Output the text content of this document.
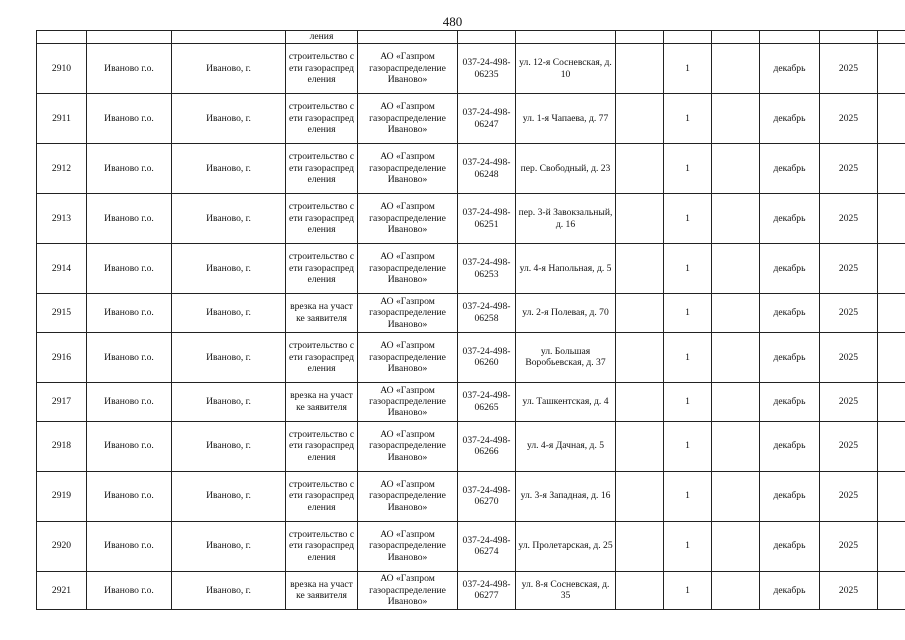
480
			ления									
2910	Иваново г.о.	Иваново, г.	строительство сети газораспределения	АО «Газпром газораспределение Иваново»	037-24-498-06235	ул. 12-я Сосневская, д. 10		1		декабрь	2025	
2911	Иваново г.о.	Иваново, г.	строительство сети газораспределения	АО «Газпром газораспределение Иваново»	037-24-498-06247	ул. 1-я Чапаева, д. 77		1		декабрь	2025	
2912	Иваново г.о.	Иваново, г.	строительство сети газораспределения	АО «Газпром газораспределение Иваново»	037-24-498-06248	пер. Свободный, д. 23		1		декабрь	2025	
2913	Иваново г.о.	Иваново, г.	строительство сети газораспределения	АО «Газпром газораспределение Иваново»	037-24-498-06251	пер. 3-й Завокзальный, д. 16		1		декабрь	2025	
2914	Иваново г.о.	Иваново, г.	строительство сети газораспределения	АО «Газпром газораспределение Иваново»	037-24-498-06253	ул. 4-я Напольная, д. 5		1		декабрь	2025	
2915	Иваново г.о.	Иваново, г.	врезка на участке заявителя	АО «Газпром газораспределение Иваново»	037-24-498-06258	ул. 2-я Полевая, д. 70		1		декабрь	2025	
2916	Иваново г.о.	Иваново, г.	строительство сети газораспределения	АО «Газпром газораспределение Иваново»	037-24-498-06260	ул. Большая Воробьевская, д. 37		1		декабрь	2025	
2917	Иваново г.о.	Иваново, г.	врезка на участке заявителя	АО «Газпром газораспределение Иваново»	037-24-498-06265	ул. Ташкентская, д. 4		1		декабрь	2025	
2918	Иваново г.о.	Иваново, г.	строительство сети газораспределения	АО «Газпром газораспределение Иваново»	037-24-498-06266	ул. 4-я Дачная, д. 5		1		декабрь	2025	
2919	Иваново г.о.	Иваново, г.	строительство сети газораспределения	АО «Газпром газораспределение Иваново»	037-24-498-06270	ул. 3-я Западная, д. 16		1		декабрь	2025	
2920	Иваново г.о.	Иваново, г.	строительство сети газораспределения	АО «Газпром газораспределение Иваново»	037-24-498-06274	ул. Пролетарская, д. 25		1		декабрь	2025	
2921	Иваново г.о.	Иваново, г.	врезка на участке заявителя	АО «Газпром газораспределение Иваново»	037-24-498-06277	ул. 8-я Сосневская, д. 35		1		декабрь	2025	
